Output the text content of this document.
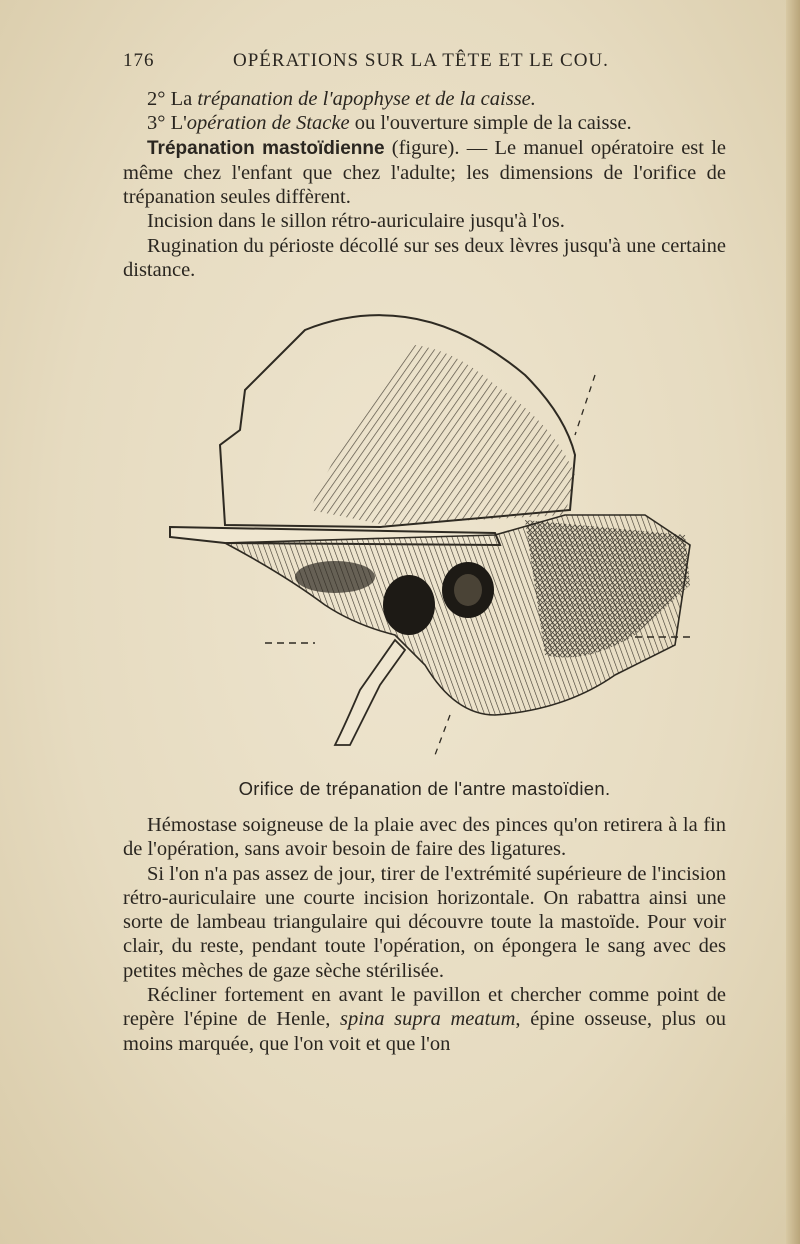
176	OPÉRATIONS SUR LA TÊTE ET LE COU.

2° La trépanation de l'apophyse et de la caisse.

3° L'opération de Stacke ou l'ouverture simple de la caisse.

Trépanation mastoïdienne (figure). — Le manuel opératoire est le même chez l'enfant que chez l'adulte; les dimensions de l'orifice de trépanation seules diffèrent.

Incision dans le sillon rétro-auriculaire jusqu'à l'os.

Rugination du périoste décollé sur ses deux lèvres jusqu'à une certaine distance.

Orifice de trépanation de l'antre mastoïdien.

Hémostase soigneuse de la plaie avec des pinces qu'on retirera à la fin de l'opération, sans avoir besoin de faire des ligatures.

Si l'on n'a pas assez de jour, tirer de l'extrémité supérieure de l'incision rétro-auriculaire une courte incision horizontale. On rabattra ainsi une sorte de lambeau triangulaire qui découvre toute la mastoïde. Pour voir clair, du reste, pendant toute l'opération, on épongera le sang avec des petites mèches de gaze sèche stérilisée.

Récliner fortement en avant le pavillon et chercher comme point de repère l'épine de Henle, spina supra meatum, épine osseuse, plus ou moins marquée, que l'on voit et que l'on
